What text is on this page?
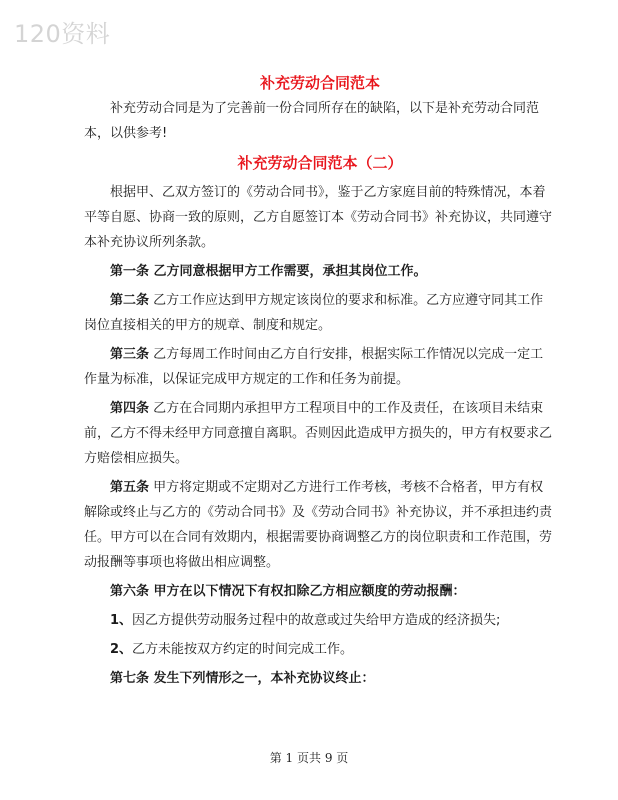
120资料
补充劳动合同范本

补充劳动合同是为了完善前一份合同所存在的缺陷，以下是补充劳动合同范本，以供参考!

补充劳动合同范本（二）

根据甲、乙双方签订的《劳动合同书》，鉴于乙方家庭目前的特殊情况，本着平等自愿、协商一致的原则，乙方自愿签订本《劳动合同书》补充协议，共同遵守本补充协议所列条款。

第一条 乙方同意根据甲方工作需要，承担其岗位工作。

第二条 乙方工作应达到甲方规定该岗位的要求和标准。乙方应遵守同其工作岗位直接相关的甲方的规章、制度和规定。

第三条 乙方每周工作时间由乙方自行安排，根据实际工作情况以完成一定工作量为标准，以保证完成甲方规定的工作和任务为前提。

第四条 乙方在合同期内承担甲方工程项目中的工作及责任，在该项目未结束前，乙方不得未经甲方同意擅自离职。否则因此造成甲方损失的，甲方有权要求乙方赔偿相应损失。

第五条 甲方将定期或不定期对乙方进行工作考核，考核不合格者，甲方有权解除或终止与乙方的《劳动合同书》及《劳动合同书》补充协议，并不承担违约责任。甲方可以在合同有效期内，根据需要协商调整乙方的岗位职责和工作范围，劳动报酬等事项也将做出相应调整。

第六条 甲方在以下情况下有权扣除乙方相应额度的劳动报酬：

1、因乙方提供劳动服务过程中的故意或过失给甲方造成的经济损失;

2、乙方未能按双方约定的时间完成工作。

第七条 发生下列情形之一，本补充协议终止：

第 1 页共 9 页
